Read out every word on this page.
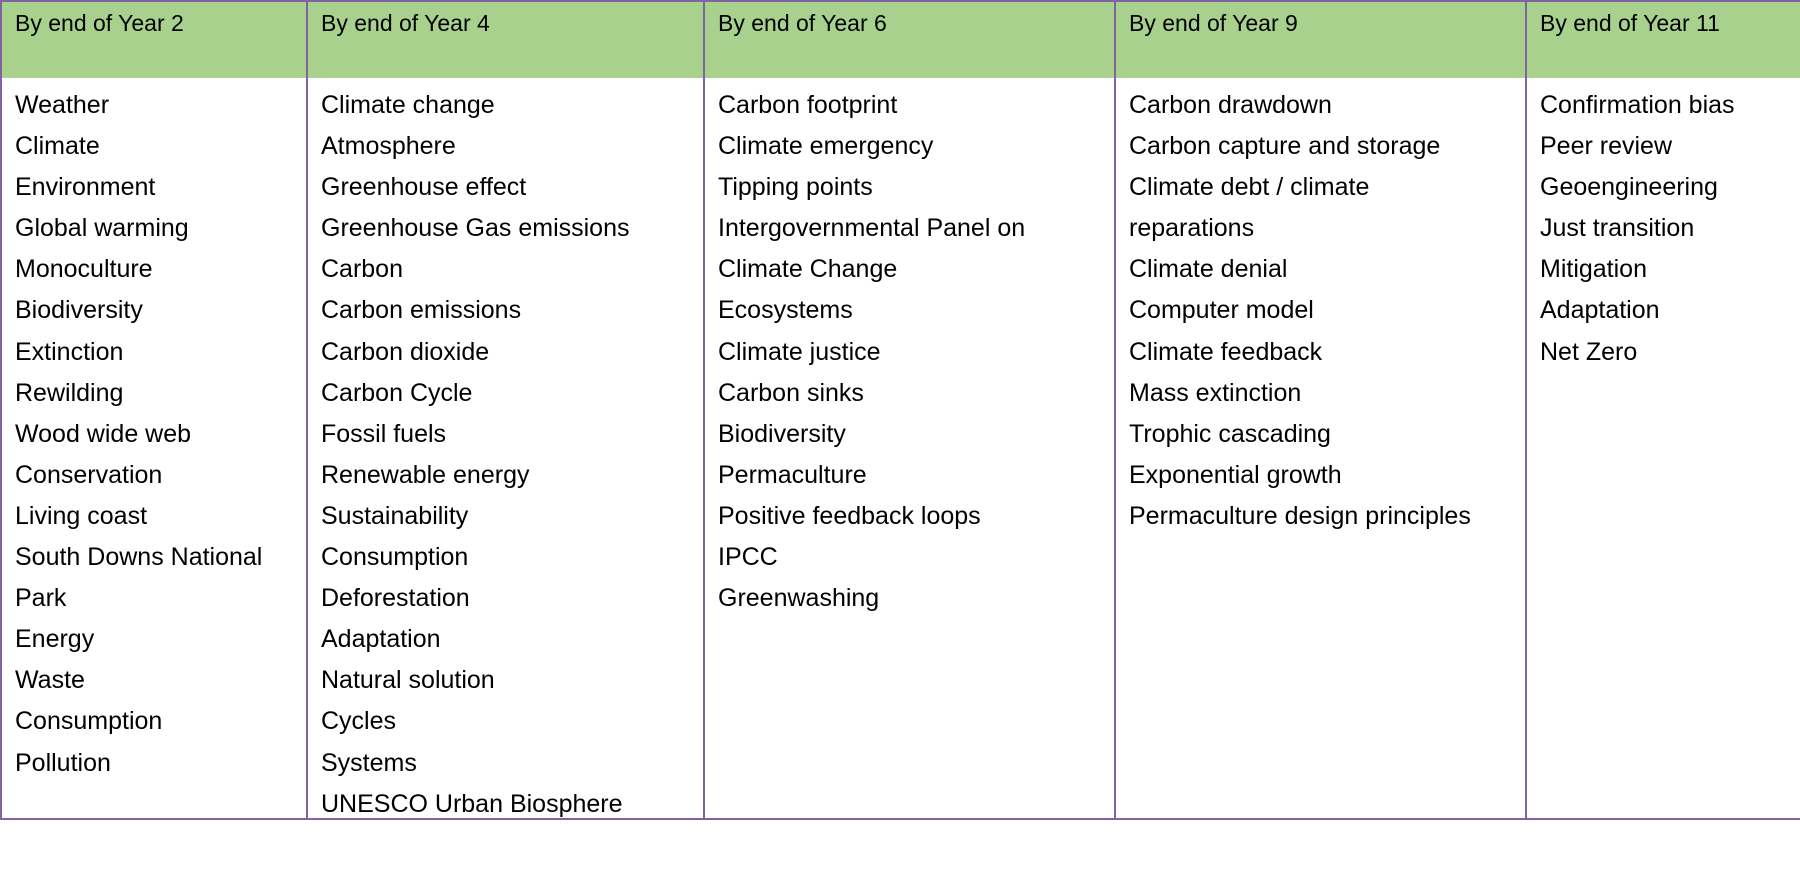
By end of Year 2
Weather
Climate
Environment
Global warming
Monoculture
Biodiversity
Extinction
Rewilding
Wood wide web
Conservation
Living coast
South Downs National
Park
Energy
Waste
Consumption
Pollution
By end of Year 4
Climate change
Atmosphere
Greenhouse effect
Greenhouse Gas emissions
Carbon
Carbon emissions
Carbon dioxide
Carbon Cycle
Fossil fuels
Renewable energy
Sustainability
Consumption
Deforestation
Adaptation
Natural solution
Cycles
Systems
UNESCO Urban Biosphere
By end of Year 6
Carbon footprint
Climate emergency
Tipping points
Intergovernmental Panel on
Climate Change
Ecosystems
Climate justice
Carbon sinks
Biodiversity
Permaculture
Positive feedback loops
IPCC
Greenwashing
By end of Year 9
Carbon drawdown
Carbon capture and storage
Climate debt / climate
reparations
Climate denial
Computer model
Climate feedback
Mass extinction
Trophic cascading
Exponential growth
Permaculture design principles
By end of Year 11
Confirmation bias
Peer review
Geoengineering
Just transition
Mitigation
Adaptation
Net Zero
